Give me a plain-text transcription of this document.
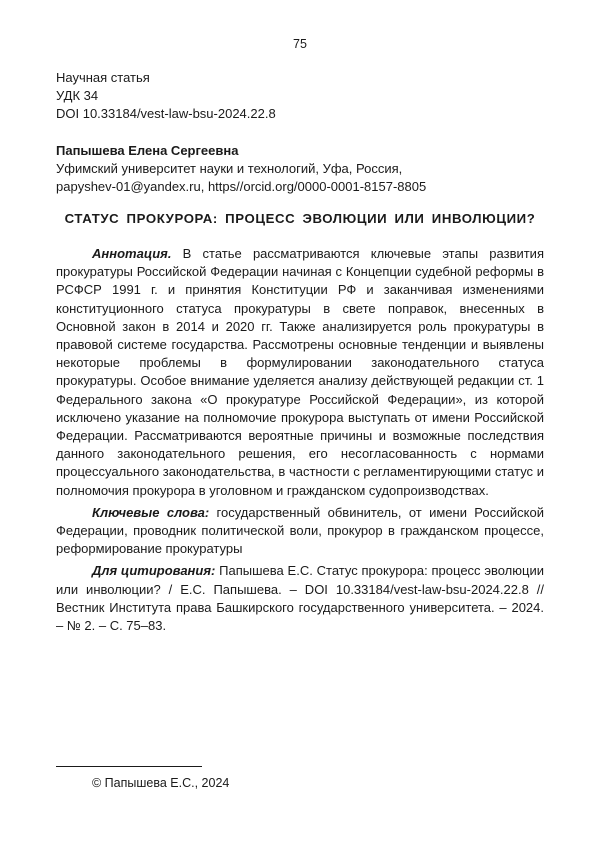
75
Научная статья
УДК 34
DOI 10.33184/vest-law-bsu-2024.22.8
Папышева Елена Сергеевна
Уфимский университет науки и технологий, Уфа, Россия,
papyshev-01@yandex.ru, https//orcid.org/0000-0001-8157-8805
СТАТУС ПРОКУРОРА: ПРОЦЕСС ЭВОЛЮЦИИ ИЛИ ИНВОЛЮЦИИ?

Аннотация. В статье рассматриваются ключевые этапы развития прокуратуры Российской Федерации начиная с Концепции судебной реформы в РСФСР 1991 г. и принятия Конституции РФ и заканчивая изменениями конституционного статуса прокуратуры в свете поправок, внесенных в Основной закон в 2014 и 2020 гг. Также анализируется роль прокуратуры в правовой системе государства. Рассмотрены основные тенденции и выявлены некоторые проблемы в формулировании законодательного статуса прокуратуры. Особое внимание уделяется анализу действующей редакции ст. 1 Федерального закона «О прокуратуре Российской Федерации», из которой исключено указание на полномочие прокурора выступать от имени Российской Федерации. Рассматриваются вероятные причины и возможные последствия данного законодательного решения, его несогласованность с нормами процессуального законодательства, в частности с регламентирующими статус и полномочия прокурора в уголовном и гражданском судопроизводствах.

Ключевые слова: государственный обвинитель, от имени Российской Федерации, проводник политической воли, прокурор в гражданском процессе, реформирование прокуратуры

Для цитирования: Папышева Е.С. Статус прокурора: процесс эволюции или инволюции? / Е.С. Папышева. – DOI 10.33184/vest-law-bsu-2024.22.8 // Вестник Института права Башкирского государственного университета. – 2024. – № 2. – С. 75–83.

© Папышева Е.С., 2024
